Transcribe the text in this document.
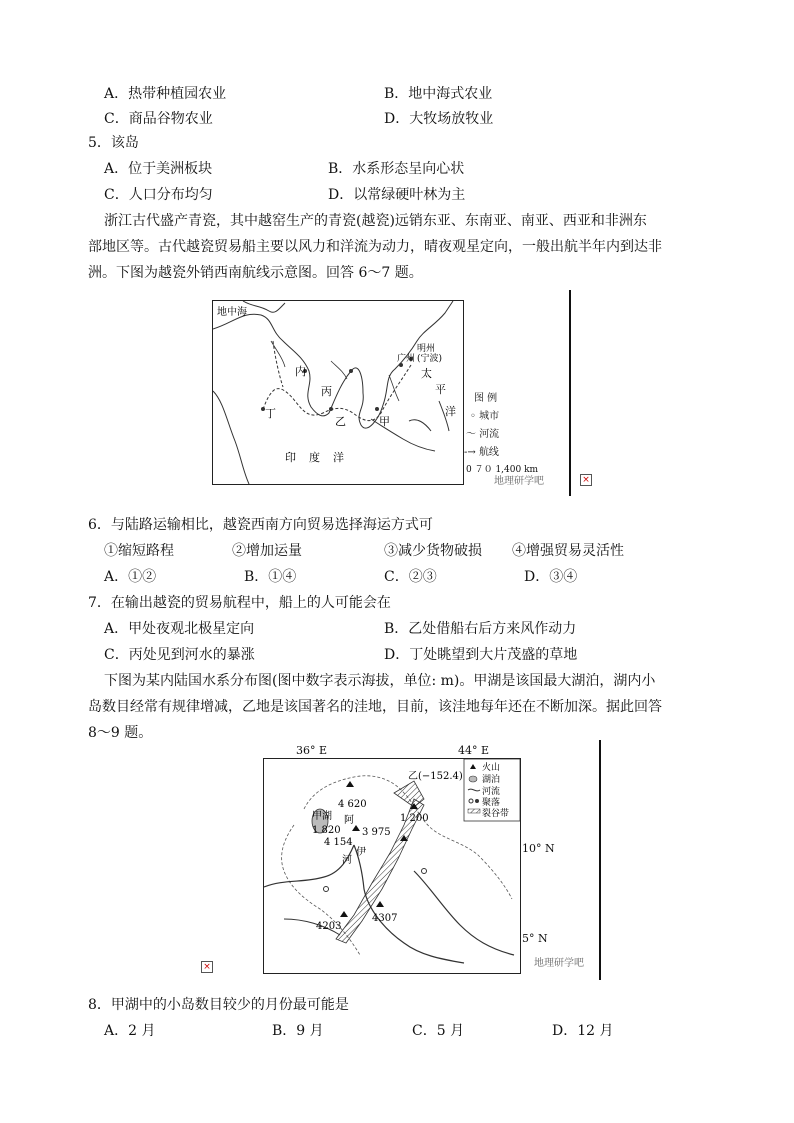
A．热带种植园农业	B．地中海式农业
C．商品谷物农业	D．大牧场放牧业
5．该岛
A．位于美洲板块	B．水系形态呈向心状
C．人口分布均匀	D．以常绿硬叶林为主
浙江古代盛产青瓷，其中越窑生产的青瓷(越瓷)远销东亚、东南亚、南亚、西亚和非洲东
部地区等。古代越瓷贸易船主要以风力和洋流为动力，晴夜观星定向，一般出航半年内到达非
洲。下图为越瓷外销西南航线示意图。回答 6～7 题。
地中海
内
丙
丁
乙	甲
广州
明州
(宁波)
太
平
洋
印 度 洋
图 例
◦ 城市
〜 河流
-→ 航线
0 ７０ 1,400 km
地理研学吧	×
6．与陆路运输相比，越瓷西南方向贸易选择海运方式可
①缩短路程	②增加运量	③减少货物破损 ④增强贸易灵活性
A．①②	B．①④	C．②③	D．③④
7．在输出越瓷的贸易航程中，船上的人可能会在
A．甲处夜观北极星定向	B．乙处借船右后方来风作动力
C．丙处见到河水的暴涨	D．丁处眺望到大片茂盛的草地
下图为某内陆国水系分布图(图中数字表示海拔，单位: m)。甲湖是该国最大湖泊，湖内小
岛数目经常有规律增减，乙地是该国著名的洼地，目前，该洼地每年还在不断加深。据此回答
8～9 题。
36° E	44° E
火山
湖泊
河流
聚落
裂谷带
乙(−152.4)
甲湖
4 620
阿
1 820
4 154
3 975
1 200
河
伊
4203
4307
10° N
5° N
地理研学吧
×
8．甲湖中的小岛数目较少的月份最可能是
A．2 月	B．9 月	C．5 月	D．12 月
